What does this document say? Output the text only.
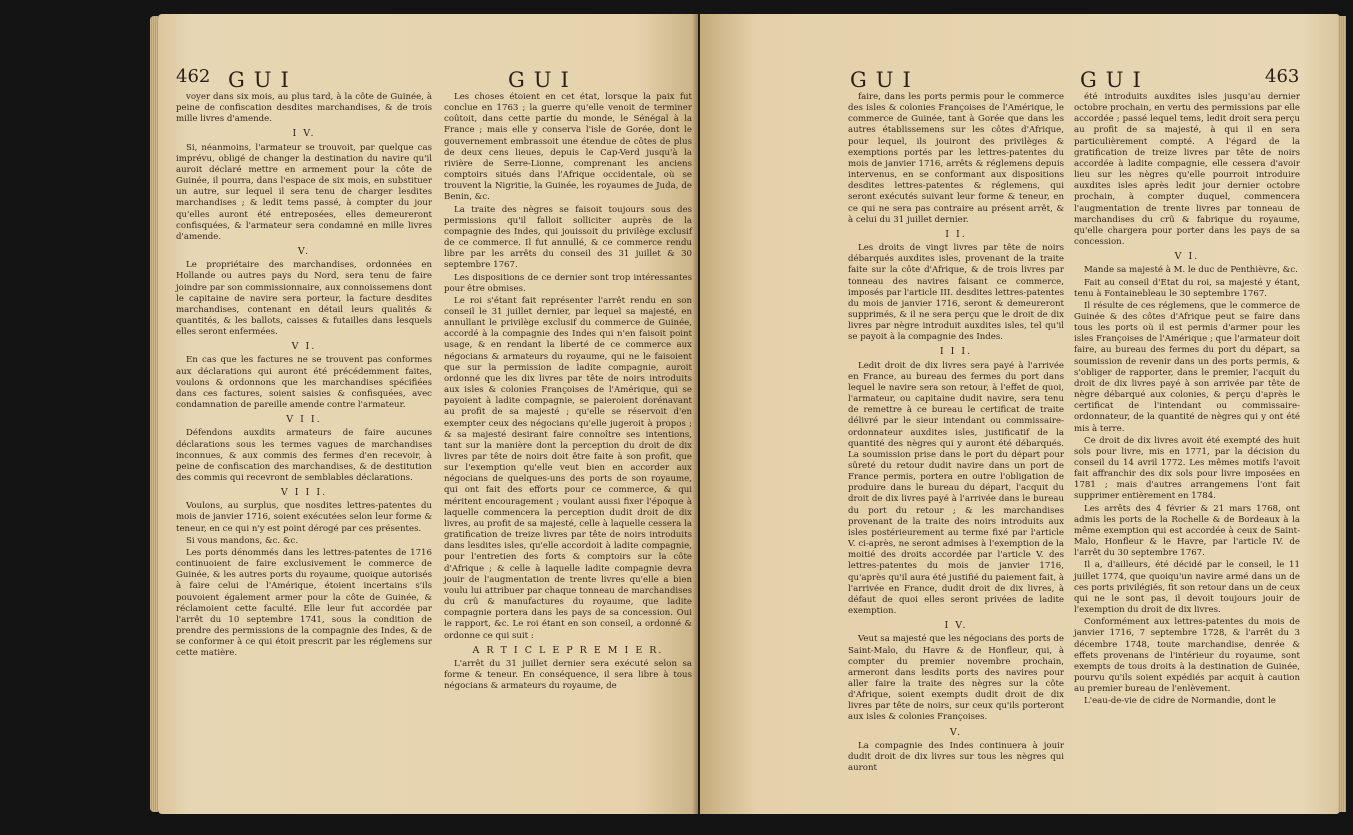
462 GUI	GUI

voyer dans six mois, au plus tard, à la côte de Guinée, à peine de confiscation desdites marchandises, & de trois mille livres d'amende.

I V.

Si, néanmoins, l'armateur se trouvoit, par quelque cas imprévu, obligé de changer la destination du navire qu'il auroit déclaré mettre en armement pour la côte de Guinée, il pourra, dans l'espace de six mois, en substituer un autre, sur lequel il sera tenu de charger lesdites marchandises ; & ledit tems passé, à compter du jour qu'elles auront été entreposées, elles demeureront confisquées, & l'armateur sera condamné en mille livres d'amende.

V.

Le propriétaire des marchandises, ordonnées en Hollande ou autres pays du Nord, sera tenu de faire joindre par son commissionnaire, aux connoissemens dont le capitaine de navire sera porteur, la facture desdites marchandises, contenant en détail leurs qualités & quantités, & les ballots, caisses & futailles dans lesquels elles seront enfermées.

V I.

En cas que les factures ne se trouvent pas conformes aux déclarations qui auront été précédemment faites, voulons & ordonnons que les marchandises spécifiées dans ces factures, soient saisies & confisquées, avec condamnation de pareille amende contre l'armateur.

V I I.

Défendons auxdits armateurs de faire aucunes déclarations sous les termes vagues de marchandises inconnues, & aux commis des fermes d'en recevoir, à peine de confiscation des marchandises, & de destitution des commis qui recevront de semblables déclarations.

V I I I.

Voulons, au surplus, que nosdites lettres-patentes du mois de janvier 1716, soient exécutées selon leur forme & teneur, en ce qui n'y est point dérogé par ces présentes.

Si vous mandons, &c. &c.

Les ports dénommés dans les lettres-patentes de 1716 continuoient de faire exclusivement le commerce de Guinée, & les autres ports du royaume, quoique autorisés à faire celui de l'Amérique, étoient incertains s'ils pouvoient également armer pour la côte de Guinée, & réclamoient cette faculté. Elle leur fut accordée par l'arrêt du 10 septembre 1741, sous la condition de prendre des permissions de la compagnie des Indes, & de se conformer à ce qui étoit prescrit par les réglemens sur cette matière.

Les choses étoient en cet état, lorsque la paix fut conclue en 1763 ; la guerre qu'elle venoit de terminer coûtoit, dans cette partie du monde, le Sénégal à la France ; mais elle y conserva l'isle de Gorée, dont le gouvernement embrassoit une étendue de côtes de plus de deux cens lieues, depuis le Cap-Verd jusqu'à la rivière de Serre-Lionne, comprenant les anciens comptoirs situés dans l'Afrique occidentale, où se trouvent la Nigritie, la Guinée, les royaumes de Juda, de Benin, &c.

La traite des nègres se faisoit toujours sous des permissions qu'il falloit solliciter auprès de la compagnie des Indes, qui jouissoit du privilège exclusif de ce commerce. Il fut annullé, & ce commerce rendu libre par les arrêts du conseil des 31 juillet & 30 septembre 1767.

Les dispositions de ce dernier sont trop intéressantes pour être obmises.

Le roi s'étant fait représenter l'arrêt rendu en son conseil le 31 juillet dernier, par lequel sa majesté, en annullant le privilège exclusif du commerce de Guinée, accordé à la compagnie des Indes qui n'en faisoit point usage, & en rendant la liberté de ce commerce aux négocians & armateurs du royaume, qui ne le faisoient que sur la permission de ladite compagnie, auroit ordonné que les dix livres par tête de noirs introduits aux isles & colonies Françoises de l'Amérique, qui se payoient à ladite compagnie, se paieroient dorénavant au profit de sa majesté ; qu'elle se réservoit d'en exempter ceux des négocians qu'elle jugeroit à propos ; & sa majesté desirant faire connoître ses intentions, tant sur la manière dont la perception du droit de dix livres par tête de noirs doit être faite à son profit, que sur l'exemption qu'elle veut bien en accorder aux négocians de quelques-uns des ports de son royaume, qui ont fait des efforts pour ce commerce, & qui méritent encouragement ; voulant aussi fixer l'époque à laquelle commencera la perception dudit droit de dix livres, au profit de sa majesté, celle à laquelle cessera la gratification de treize livres par tête de noirs introduits dans lesdites isles, qu'elle accordoit à ladite compagnie, pour l'entretien des forts & comptoirs sur la côte d'Afrique ; & celle à laquelle ladite compagnie devra jouir de l'augmentation de trente livres qu'elle a bien voulu lui attribuer par chaque tonneau de marchandises du crû & manufactures du royaume, que ladite compagnie portera dans les pays de sa concession. Oui le rapport, &c. Le roi étant en son conseil, a ordonné & ordonne ce qui suit :

A R T I C L E P R E M I E R.

L'arrêt du 31 juillet dernier sera exécuté selon sa forme & teneur. En conséquence, il sera libre à tous négocians & armateurs du royaume, de

GUI	GUI	463

faire, dans les ports permis pour le commerce des isles & colonies Françoises de l'Amérique, le commerce de Guinée, tant à Gorée que dans les autres établissemens sur les côtes d'Afrique, pour lequel, ils jouiront des privilèges & exemptions portés par les lettres-patentes du mois de janvier 1716, arrêts & réglemens depuis intervenus, en se conformant aux dispositions desdites lettres-patentes & réglemens, qui seront exécutés suivant leur forme & teneur, en ce qui ne sera pas contraire au présent arrêt, & à celui du 31 juillet dernier.

I I.

Les droits de vingt livres par tête de noirs débarqués auxdites isles, provenant de la traite faite sur la côte d'Afrique, & de trois livres par tonneau des navires faisant ce commerce, imposés par l'article III. desdites lettres-patentes du mois de janvier 1716, seront & demeureront supprimés, & il ne sera perçu que le droit de dix livres par nègre introduit auxdites isles, tel qu'il se payoit à la compagnie des Indes.

I I I.

Ledit droit de dix livres sera payé à l'arrivée en France, au bureau des fermes du port dans lequel le navire sera son retour, à l'effet de quoi, l'armateur, ou capitaine dudit navire, sera tenu de remettre à ce bureau le certificat de traite délivré par le sieur intendant ou commissaire-ordonnateur auxdites isles, justificatif de la quantité des nègres qui y auront été débarqués. La soumission prise dans le port du départ pour sûreté du retour dudit navire dans un port de France permis, portera en outre l'obligation de produire dans le bureau du départ, l'acquit du droit de dix livres payé à l'arrivée dans le bureau du port du retour ; & les marchandises provenant de la traite des noirs introduits aux isles postérieurement au terme fixé par l'article V. ci-après, ne seront admises à l'exemption de la moitié des droits accordée par l'article V. des lettres-patentes du mois de janvier 1716, qu'après qu'il aura été justifié du paiement fait, à l'arrivée en France, dudit droit de dix livres, à défaut de quoi elles seront privées de ladite exemption.

I V.

Veut sa majesté que les négocians des ports de Saint-Malo, du Havre & de Honfleur, qui, à compter du premier novembre prochain, armeront dans lesdits ports des navires pour aller faire la traite des nègres sur la côte d'Afrique, soient exempts dudit droit de dix livres par tête de noirs, sur ceux qu'ils porteront aux isles & colonies Françoises.

V.

La compagnie des Indes continuera à jouir dudit droit de dix livres sur tous les nègres qui auront

été introduits auxdites isles jusqu'au dernier octobre prochain, en vertu des permissions par elle accordée ; passé lequel tems, ledit droit sera perçu au profit de sa majesté, à qui il en sera particulièrement compté. A l'égard de la gratification de treize livres par tête de noirs accordée à ladite compagnie, elle cessera d'avoir lieu sur les nègres qu'elle pourroit introduire auxdites isles après ledit jour dernier octobre prochain, à compter duquel, commencera l'augmentation de trente livres par tonneau de marchandises du crû & fabrique du royaume, qu'elle chargera pour porter dans les pays de sa concession.

V I.

Mande sa majesté à M. le duc de Penthièvre, &c.

Fait au conseil d'Etat du roi, sa majesté y étant, tenu à Fontainebleau le 30 septembre 1767.

Il résulte de ces réglemens, que le commerce de Guinée & des côtes d'Afrique peut se faire dans tous les ports où il est permis d'armer pour les isles Françoises de l'Amérique ; que l'armateur doit faire, au bureau des fermes du port du départ, sa soumission de revenir dans un des ports permis, & s'obliger de rapporter, dans le premier, l'acquit du droit de dix livres payé à son arrivée par tête de nègre débarqué aux colonies, & perçu d'après le certificat de l'intendant ou commissaire-ordonnateur, de la quantité de nègres qui y ont été mis à terre.

Ce droit de dix livres avoit été exempté des huit sols pour livre, mis en 1771, par la décision du conseil du 14 avril 1772. Les mêmes motifs l'avoit fait affranchir des dix sols pour livre imposées en 1781 ; mais d'autres arrangemens l'ont fait supprimer entièrement en 1784.

Les arrêts des 4 février & 21 mars 1768, ont admis les ports de la Rochelle & de Bordeaux à la même exemption qui est accordée à ceux de Saint-Malo, Honfleur & le Havre, par l'article IV. de l'arrêt du 30 septembre 1767.

Il a, d'ailleurs, été décidé par le conseil, le 11 juillet 1774, que quoiqu'un navire armé dans un de ces ports privilégiés, fit son retour dans un de ceux qui ne le sont pas, il devoit toujours jouir de l'exemption du droit de dix livres.

Conformément aux lettres-patentes du mois de janvier 1716, 7 septembre 1728, & l'arrêt du 3 décembre 1748, toute marchandise, denrée & effets provenans de l'intérieur du royaume, sont exempts de tous droits à la destination de Guinée, pourvu qu'ils soient expédiés par acquit à caution au premier bureau de l'enlèvement.

L'eau-de-vie de cidre de Normandie, dont le
